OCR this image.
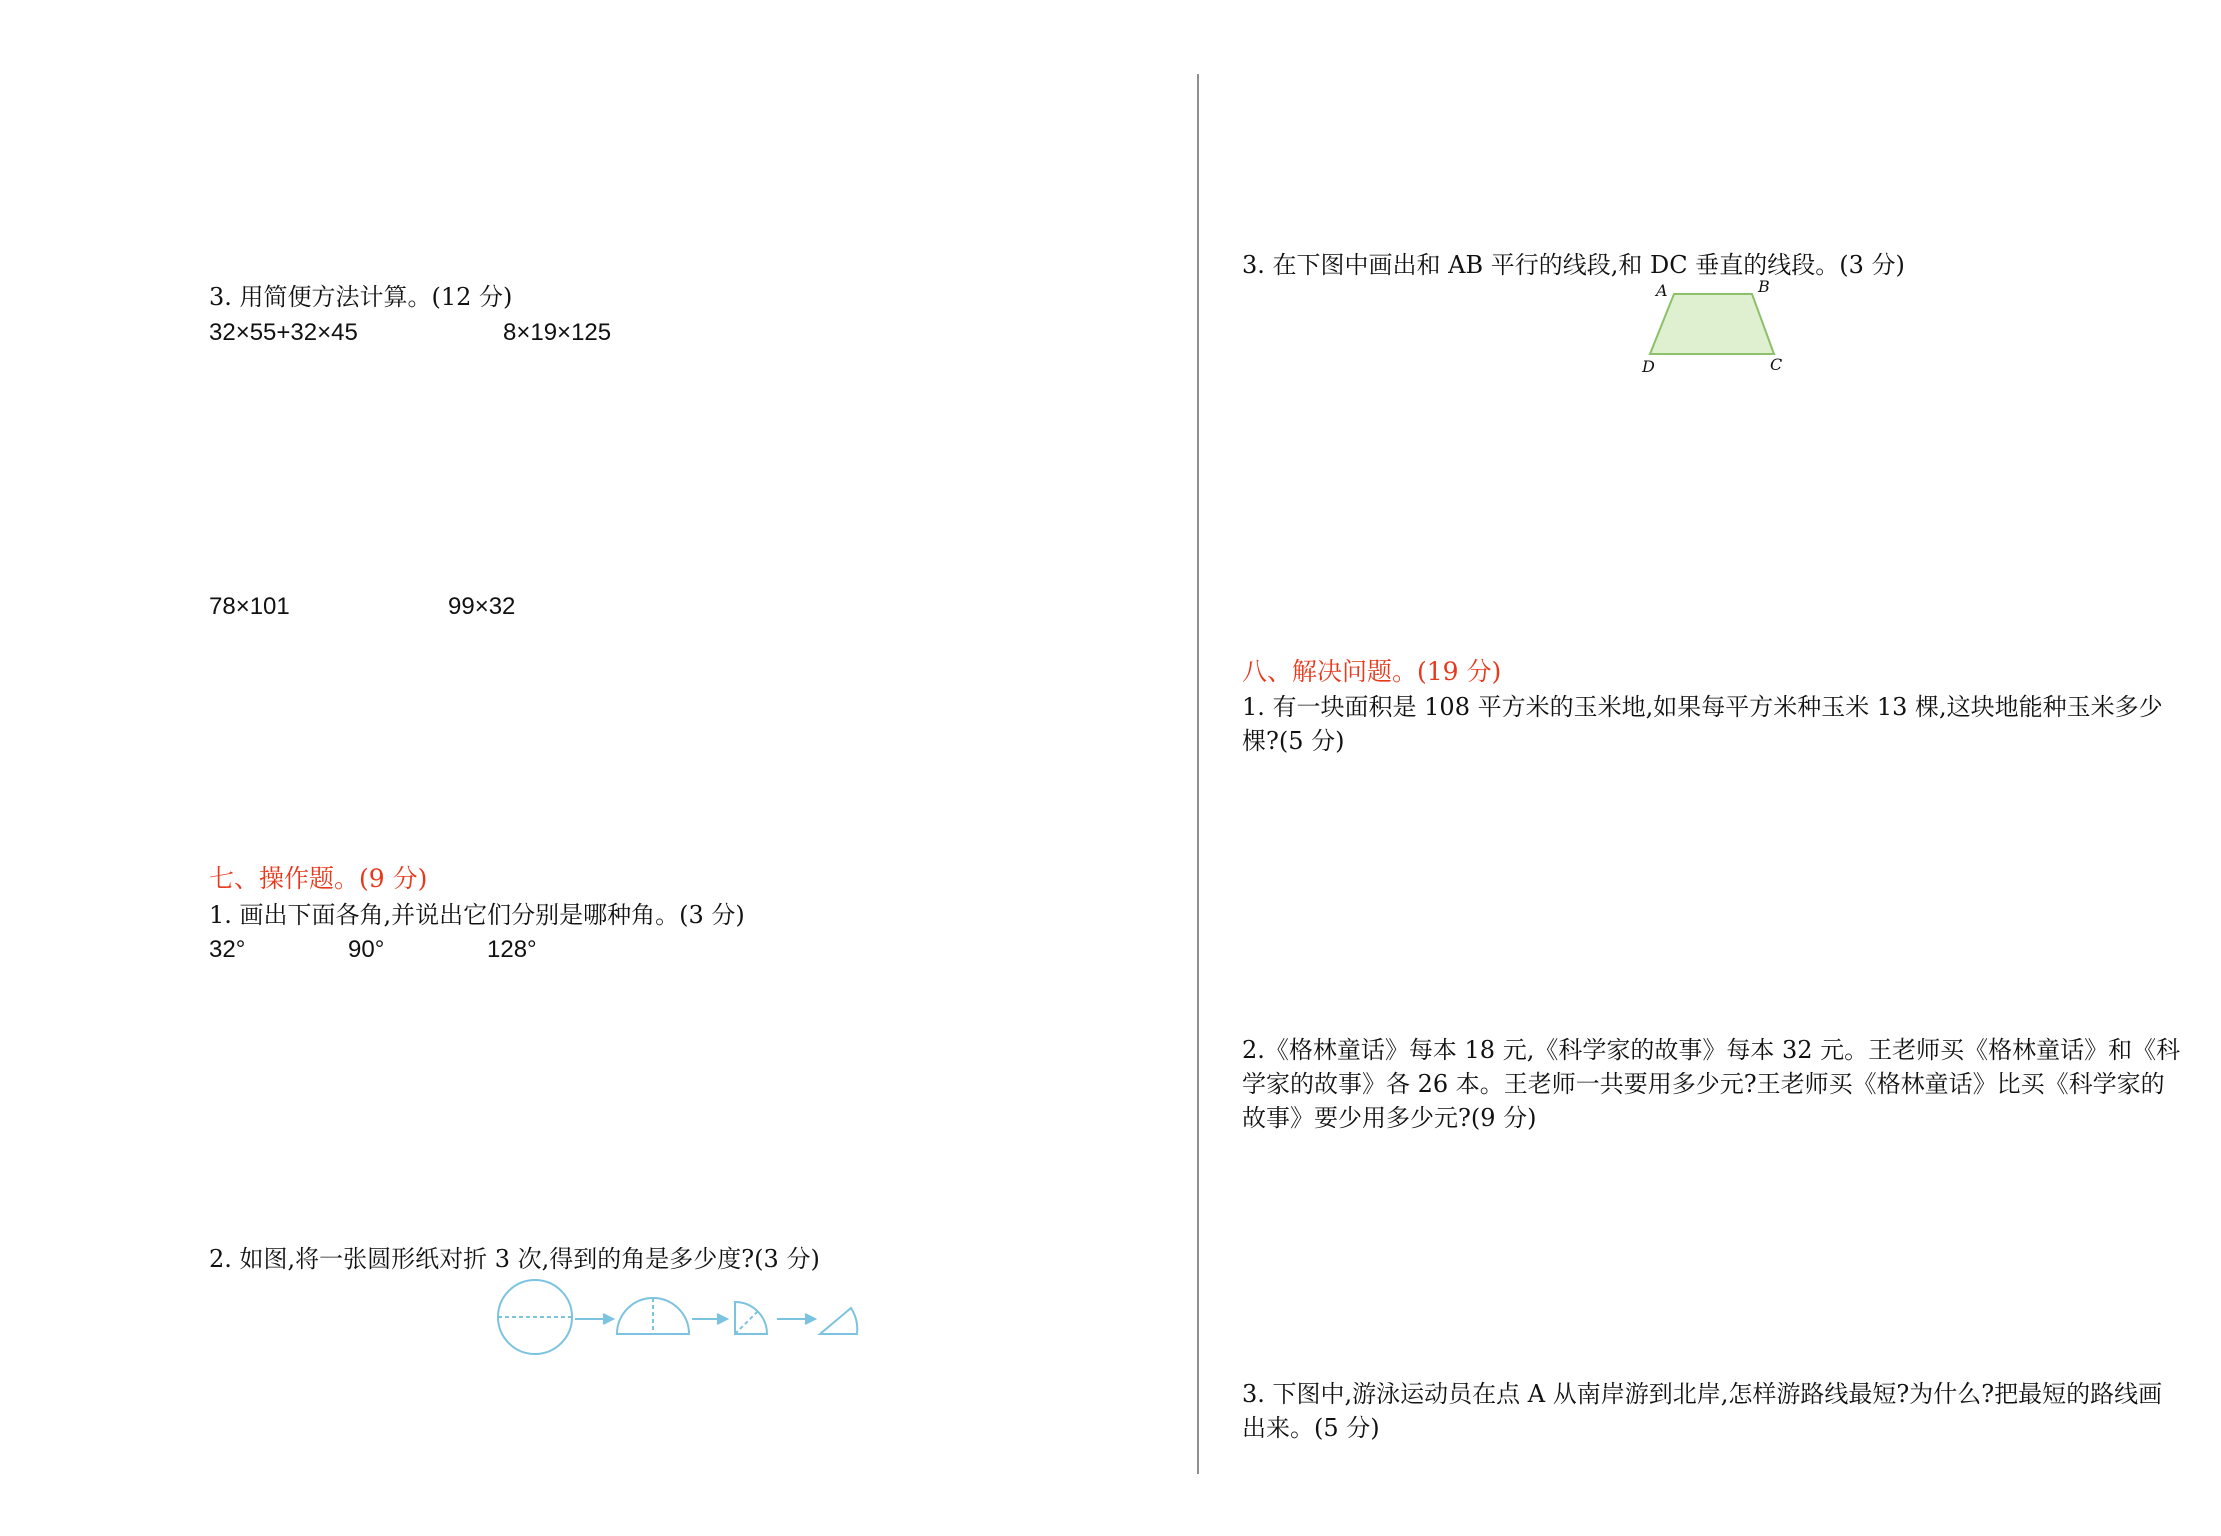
3. 用简便方法计算。(12 分)
32×55+32×45	8×19×125
78×101	99×32
七、操作题。(9 分)
1. 画出下面各角,并说出它们分别是哪种角。(3 分)
32°	90°	128°
2. 如图,将一张圆形纸对折 3 次,得到的角是多少度?(3 分)
3. 在下图中画出和 AB 平行的线段,和 DC 垂直的线段。(3 分)
A	B
C
D
八、解决问题。(19 分)
1. 有一块面积是 108 平方米的玉米地,如果每平方米种玉米 13 棵,这块地能种玉米多少棵?(5 分)
2.《格林童话》每本 18 元,《科学家的故事》每本 32 元。王老师买《格林童话》和《科学家的故事》各 26 本。王老师一共要用多少元?王老师买《格林童话》比买《科学家的故事》要少用多少元?(9 分)
3. 下图中,游泳运动员在点 A 从南岸游到北岸,怎样游路线最短?为什么?把最短的路线画出来。(5 分)
